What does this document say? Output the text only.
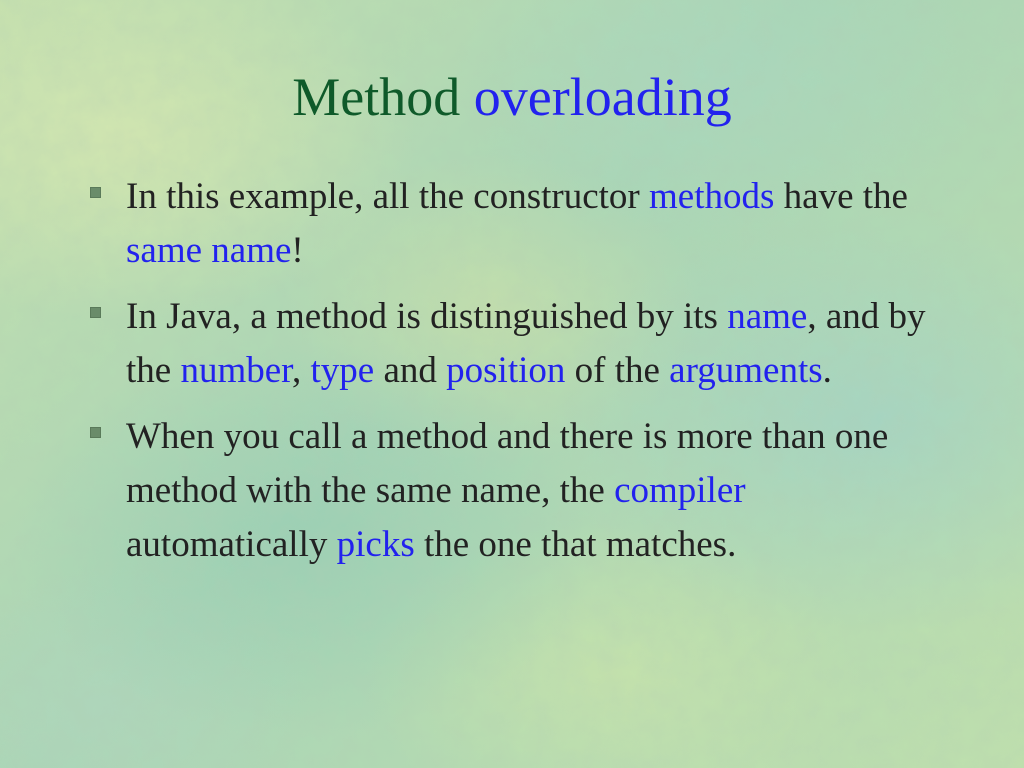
Method overloading
In this example, all the constructor methods have the same name!
In Java, a method is distinguished by its name, and by the number, type and position of the arguments.
When you call a method and there is more than one method with the same name, the compiler automatically picks the one that matches.
